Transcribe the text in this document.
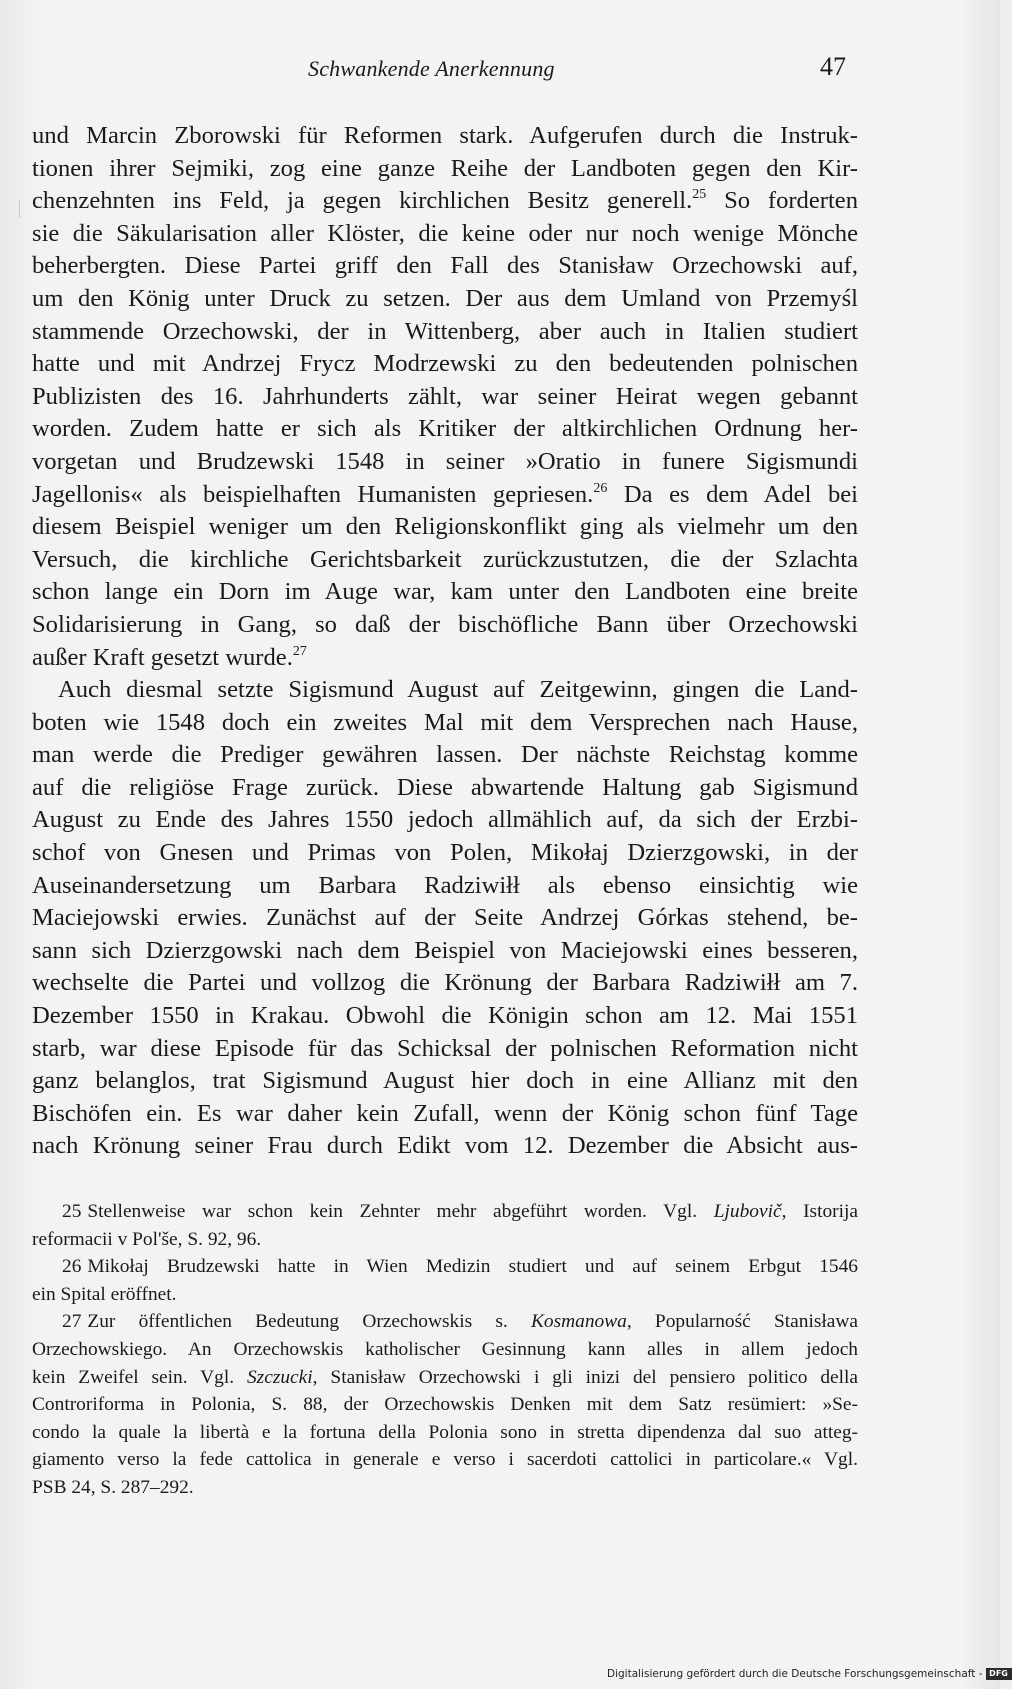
Schwankende Anerkennung	47
und Marcin Zborowski für Reformen stark. Aufgerufen durch die Instruk-
tionen ihrer Sejmiki, zog eine ganze Reihe der Landboten gegen den Kir-
chenzehnten ins Feld, ja gegen kirchlichen Besitz generell.$^{25}$ So forderten
sie die Säkularisation aller Klöster, die keine oder nur noch wenige Mönche
beherbergten. Diese Partei griff den Fall des Stanisław Orzechowski auf,
um den König unter Druck zu setzen. Der aus dem Umland von Przemyśl
stammende Orzechowski, der in Wittenberg, aber auch in Italien studiert
hatte und mit Andrzej Frycz Modrzewski zu den bedeutenden polnischen
Publizisten des 16. Jahrhunderts zählt, war seiner Heirat wegen gebannt
worden. Zudem hatte er sich als Kritiker der altkirchlichen Ordnung her-
vorgetan und Brudzewski 1548 in seiner »Oratio in funere Sigismundi
Jagellonis« als beispielhaften Humanisten gepriesen.$^{26}$ Da es dem Adel bei
diesem Beispiel weniger um den Religionskonflikt ging als vielmehr um den
Versuch, die kirchliche Gerichtsbarkeit zurückzustutzen, die der Szlachta
schon lange ein Dorn im Auge war, kam unter den Landboten eine breite
Solidarisierung in Gang, so daß der bischöfliche Bann über Orzechowski
außer Kraft gesetzt wurde.$^{27}$
Auch diesmal setzte Sigismund August auf Zeitgewinn, gingen die Land-
boten wie 1548 doch ein zweites Mal mit dem Versprechen nach Hause,
man werde die Prediger gewähren lassen. Der nächste Reichstag komme
auf die religiöse Frage zurück. Diese abwartende Haltung gab Sigismund
August zu Ende des Jahres 1550 jedoch allmählich auf, da sich der Erzbi-
schof von Gnesen und Primas von Polen, Mikołaj Dzierzgowski, in der
Auseinandersetzung um Barbara Radziwiłł als ebenso einsichtig wie
Maciejowski erwies. Zunächst auf der Seite Andrzej Górkas stehend, be-
sann sich Dzierzgowski nach dem Beispiel von Maciejowski eines besseren,
wechselte die Partei und vollzog die Krönung der Barbara Radziwiłł am 7.
Dezember 1550 in Krakau. Obwohl die Königin schon am 12. Mai 1551
starb, war diese Episode für das Schicksal der polnischen Reformation nicht
ganz belanglos, trat Sigismund August hier doch in eine Allianz mit den
Bischöfen ein. Es war daher kein Zufall, wenn der König schon fünf Tage
nach Krönung seiner Frau durch Edikt vom 12. Dezember die Absicht aus-
25 Stellenweise war schon kein Zehnter mehr abgeführt worden. Vgl. Ljubovič, Istorija
reformacii v Pol'še, S. 92, 96.
26 Mikołaj Brudzewski hatte in Wien Medizin studiert und auf seinem Erbgut 1546
ein Spital eröffnet.
27 Zur öffentlichen Bedeutung Orzechowskis s. Kosmanowa, Popularność Stanisława
Orzechowskiego. An Orzechowskis katholischer Gesinnung kann alles in allem jedoch
kein Zweifel sein. Vgl. Szczucki, Stanisław Orzechowski i gli inizi del pensiero politico della
Controriforma in Polonia, S. 88, der Orzechowskis Denken mit dem Satz resümiert: »Se-
condo la quale la libertà e la fortuna della Polonia sono in stretta dipendenza dal suo atteg-
giamento verso la fede cattolica in generale e verso i sacerdoti cattolici in particolare.« Vgl.
PSB 24, S. 287–292.
Digitalisierung gefördert durch die Deutsche Forschungsgemeinschaft - DFG
